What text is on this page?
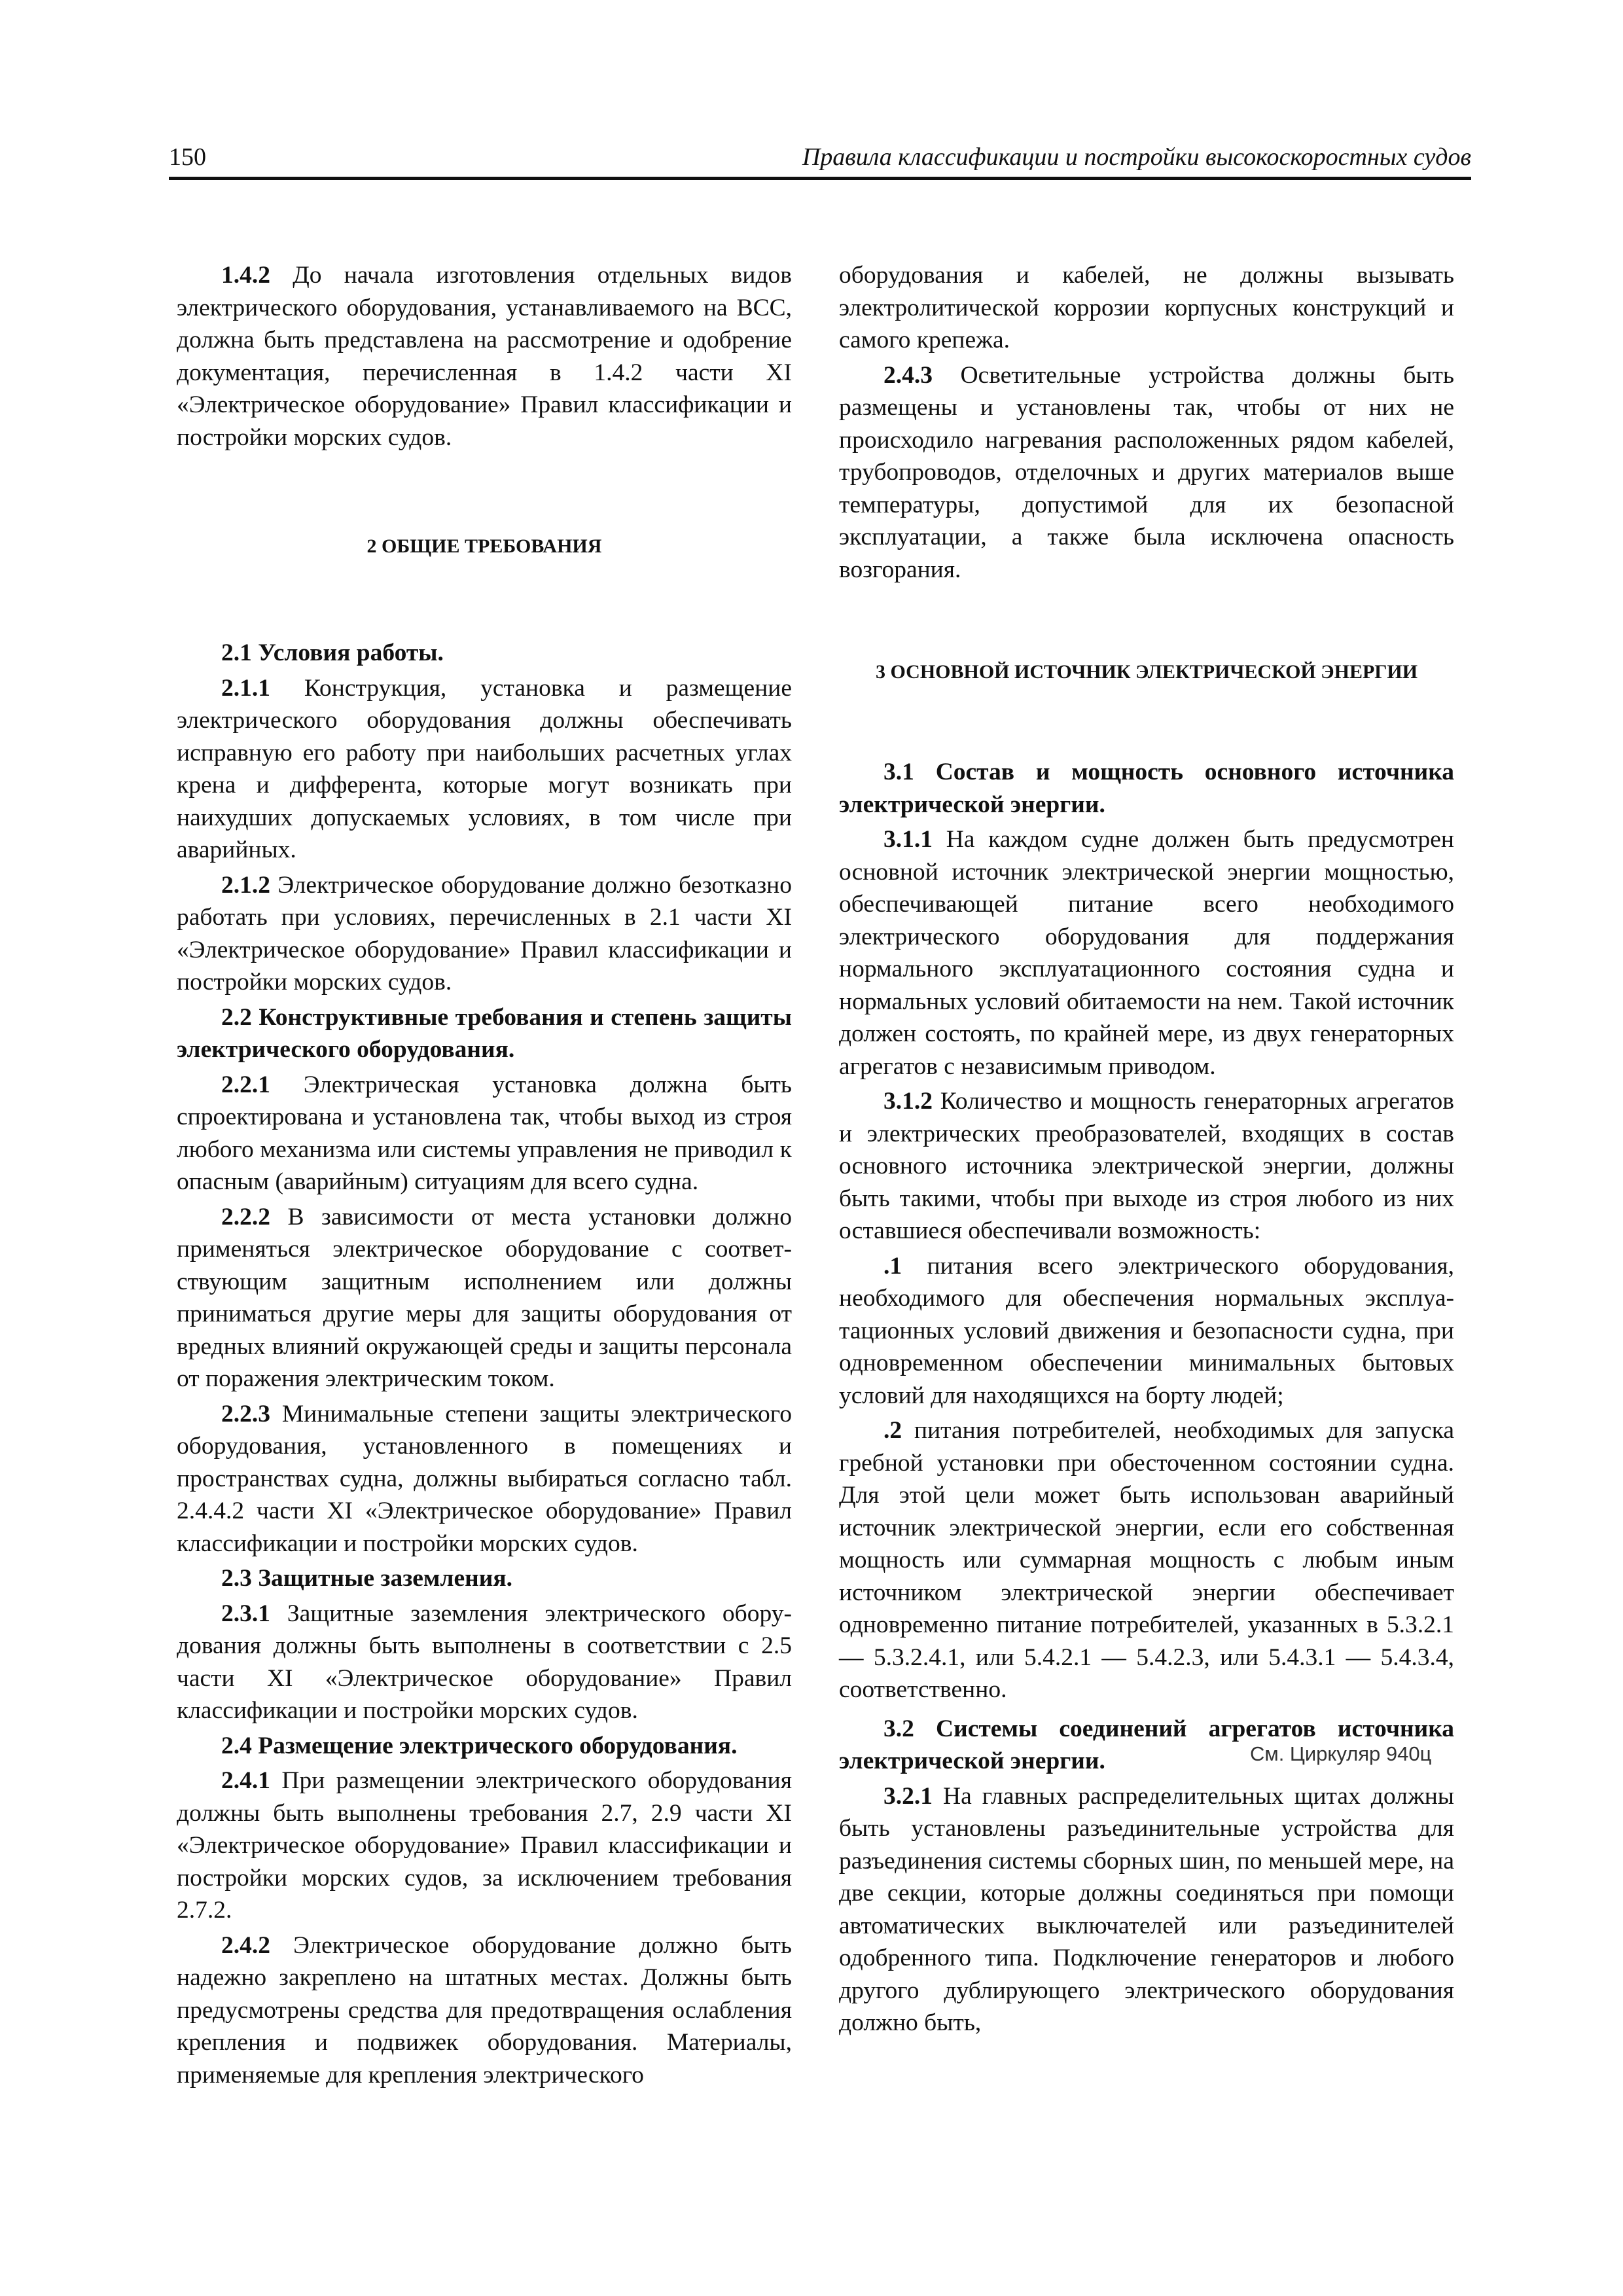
150	Правила классификации и постройки высокоскоростных судов

1.4.2 До начала изготовления отдельных видов электрического оборудования, устанавливаемого на ВСС, должна быть представлена на рассмотрение и одобрение документация, перечисленная в 1.4.2 части XI «Электрическое оборудование» Правил классификации и постройки морских судов.

2 ОБЩИЕ ТРЕБОВАНИЯ

2.1 Условия работы.

2.1.1 Конструкция, установка и размещение электрического оборудования должны обеспечивать исправную его работу при наибольших расчетных углах крена и дифферента, которые могут возникать при наихудших допускаемых условиях, в том числе при аварийных.

2.1.2 Электрическое оборудование должно безотказно работать при условиях, перечисленных в 2.1 части XI «Электрическое оборудование» Правил классификации и постройки морских судов.

2.2 Конструктивные требования и степень защиты электрического оборудования.

2.2.1 Электрическая установка должна быть спроектирована и установлена так, чтобы выход из строя любого механизма или системы управления не приводил к опасным (аварийным) ситуациям для всего судна.

2.2.2 В зависимости от места установки должно применяться электрическое оборудование с соответствующим защитным исполнением или должны приниматься другие меры для защиты оборудования от вредных влияний окружающей среды и защиты персонала от поражения электрическим током.

2.2.3 Минимальные степени защиты электрического оборудования, установленного в помещениях и пространствах судна, должны выбираться согласно табл. 2.4.4.2 части XI «Электрическое оборудование» Правил классификации и постройки морских судов.

2.3 Защитные заземления.

2.3.1 Защитные заземления электрического оборудования должны быть выполнены в соответствии с 2.5 части XI «Электрическое оборудование» Правил классификации и постройки морских судов.

2.4 Размещение электрического оборудования.

2.4.1 При размещении электрического оборудования должны быть выполнены требования 2.7, 2.9 части XI «Электрическое оборудование» Правил классификации и постройки морских судов, за исключением требования 2.7.2.

2.4.2 Электрическое оборудование должно быть надежно закреплено на штатных местах. Должны быть предусмотрены средства для предотвращения ослабления крепления и подвижек оборудования. Материалы, применяемые для крепления электрического

оборудования и кабелей, не должны вызывать электролитической коррозии корпусных конструкций и самого крепежа.

2.4.3 Осветительные устройства должны быть размещены и установлены так, чтобы от них не происходило нагревания расположенных рядом кабелей, трубопроводов, отделочных и других материалов выше температуры, допустимой для их безопасной эксплуатации, а также была исключена опасность возгорания.

3 ОСНОВНОЙ ИСТОЧНИК ЭЛЕКТРИЧЕСКОЙ ЭНЕРГИИ

3.1 Состав и мощность основного источника электрической энергии.

3.1.1 На каждом судне должен быть предусмотрен основной источник электрической энергии мощностью, обеспечивающей питание всего необходимого электрического оборудования для поддержания нормального эксплуатационного состояния судна и нормальных условий обитаемости на нем. Такой источник должен состоять, по крайней мере, из двух генераторных агрегатов с независимым приводом.

3.1.2 Количество и мощность генераторных агрегатов и электрических преобразователей, входящих в состав основного источника электрической энергии, должны быть такими, чтобы при выходе из строя любого из них оставшиеся обеспечивали возможность:

.1 питания всего электрического оборудования, необходимого для обеспечения нормальных эксплуатационных условий движения и безопасности судна, при одновременном обеспечении минимальных бытовых условий для находящихся на борту людей;

.2 питания потребителей, необходимых для запуска гребной установки при обесточенном состоянии судна. Для этой цели может быть использован аварийный источник электрической энергии, если его собственная мощность или суммарная мощность с любым иным источником электрической энергии обеспечивает одновременно питание потребителей, указанных в 5.3.2.1 — 5.3.2.4.1, или 5.4.2.1 — 5.4.2.3, или 5.4.3.1 — 5.4.3.4, соответственно.

3.2 Системы соединений агрегатов источника электрической энергии.

3.2.1 На главных распределительных щитах должны быть установлены разъединительные устройства для разъединения системы сборных шин, по меньшей мере, на две секции, которые должны соединяться при помощи автоматических выключателей или разъединителей одобренного типа. Подключение генераторов и любого другого дублирующего электрического оборудования должно быть,

См. Циркуляр 940ц
